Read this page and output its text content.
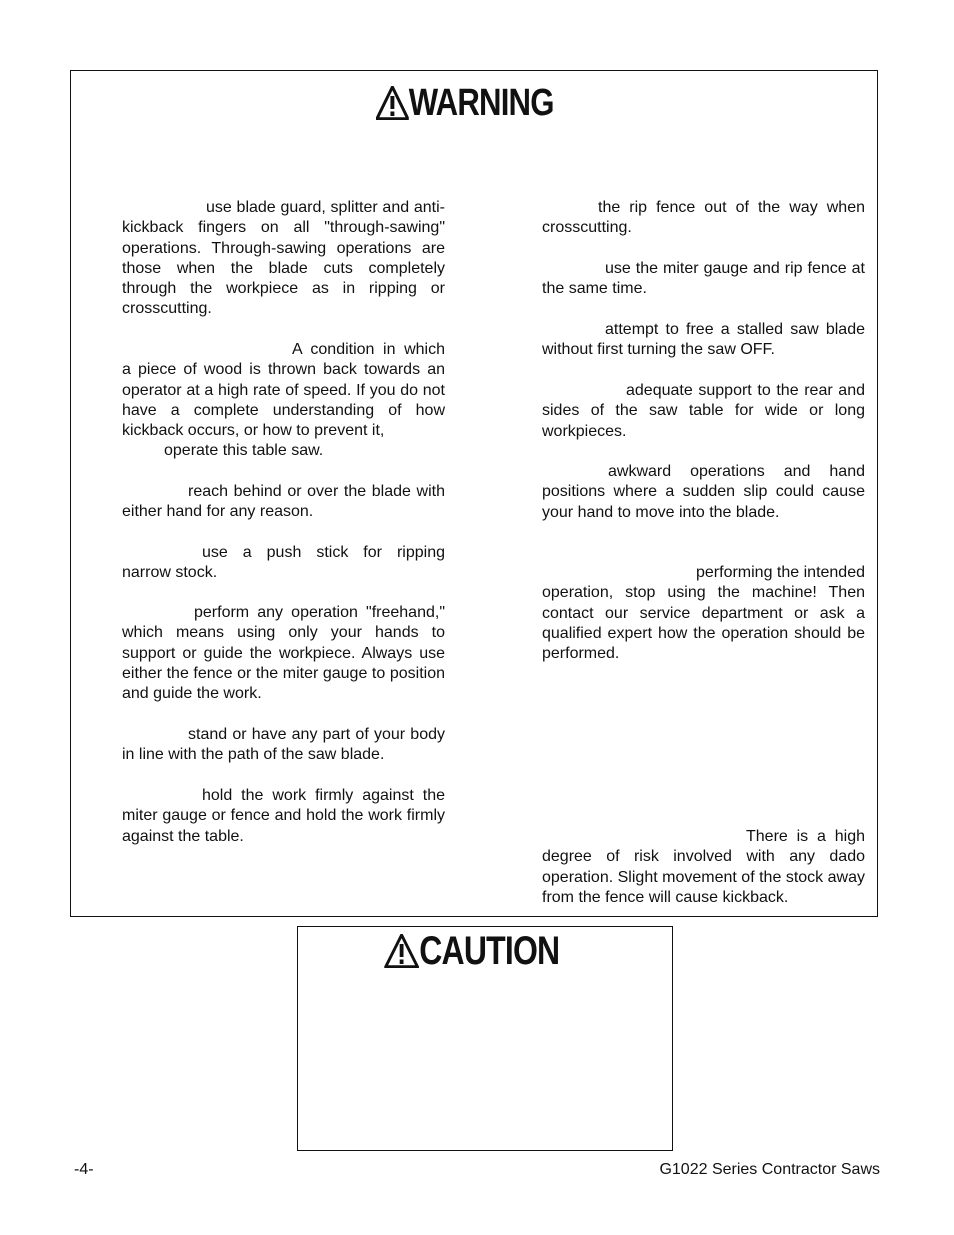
WARNING

use blade guard, splitter and anti-kickback fingers on all "through-sawing" operations. Through-sawing operations are those when the blade cuts completely through the workpiece as in ripping or crosscutting.

A condition in which a piece of wood is thrown back towards an operator at a high rate of speed. If you do not have a complete understanding of how kickback occurs, or how to prevent it,

operate this table saw.

reach behind or over the blade with either hand for any reason.

use a push stick for ripping narrow stock.

perform any operation "freehand," which means using only your hands to support or guide the workpiece. Always use either the fence or the miter gauge to position and guide the work.

stand or have any part of your body in line with the path of the saw blade.

hold the work firmly against the miter gauge or fence and hold the work firmly against the table.

the rip fence out of the way when crosscutting.

use the miter gauge and rip fence at the same time.

attempt to free a stalled saw blade without first turning the saw OFF.

adequate support to the rear and sides of the saw table for wide or long workpieces.

awkward operations and hand positions where a sudden slip could cause your hand to move into the blade.

performing the intended operation, stop using the machine! Then contact our service department or ask a qualified expert how the operation should be performed.

There is a high degree of risk involved with any dado operation. Slight movement of the stock away from the fence will cause kickback.

CAUTION
-4-	G1022 Series Contractor Saws
